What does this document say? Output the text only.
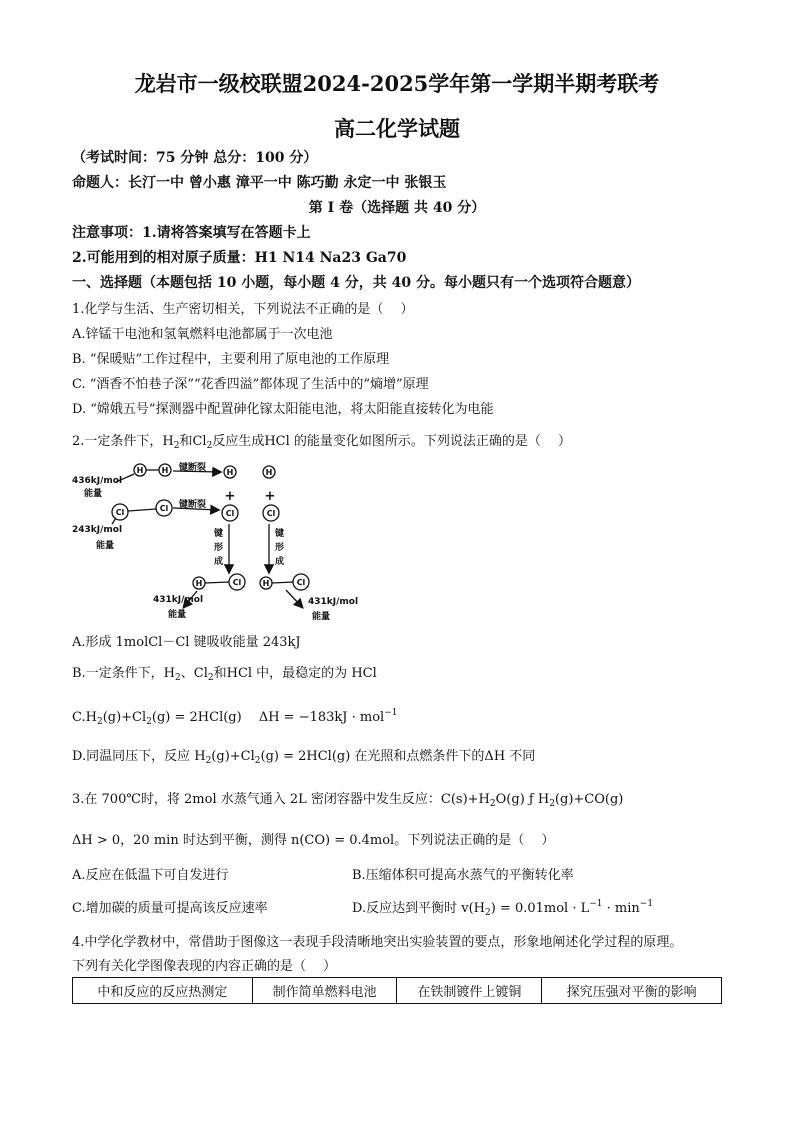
龙岩市一级校联盟2024-2025学年第一学期半期考联考
高二化学试题
（考试时间：75 分钟 总分：100 分）
命题人：长汀一中 曾小惠 漳平一中 陈巧勤 永定一中 张银玉
第 I 卷（选择题 共 40 分）
注意事项：1.请将答案填写在答题卡上
2.可能用到的相对原子质量：H1 N14 Na23 Ga70
一、选择题（本题包括 10 小题，每小题 4 分，共 40 分。每小题只有一个选项符合题意）
1.化学与生活、生产密切相关，下列说法不正确的是（　 ）
A.锌锰干电池和氢氧燃料电池都属于一次电池
B. “保暖贴”工作过程中，主要利用了原电池的工作原理
C. “酒香不怕巷子深”“花香四溢”都体现了生活中的“熵增”原理
D. “嫦娥五号”探测器中配置砷化镓太阳能电池，将太阳能直接转化为电能
2.一定条件下，$H_2$和$Cl_2$反应生成HCl 的能量变化如图所示。下列说法正确的是（　 ）
H H	H	H
Cl	Cl
Cl	Cl
H	Cl	H	Cl
+ +
436kJ/mol
能量
243kJ/mol
能量
键断裂
键断裂
键
形
成
键
形
成
431kJ/mol
能量
431kJ/mol
能量
A.形成 1molCl－Cl 键吸收能量 243kJ
B.一定条件下，$H_2$、$Cl_2$和HCl 中，最稳定的为 HCl
$C.H_2(g)+Cl_2(g) = 2HCl(g)$　 ΔH = −183kJ · mol$^{-1}$
D.同温同压下，反应 $H_2(g)+Cl_2(g) = 2HCl(g)$ 在光照和点燃条件下的ΔH 不同
3.在 700℃时，将 2mol 水蒸气通入 2L 密闭容器中发生反应：$C(s)+H_2O(g)$ ƒ $H_2(g)+CO(g)$
ΔH > 0，20 min 时达到平衡，测得 n(CO) = 0.4mol。下列说法正确的是（　 ）
A.反应在低温下可自发进行	B.压缩体积可提高水蒸气的平衡转化率
C.增加碳的质量可提高该反应速率	D.反应达到平衡时 $v(H_2) = 0.01mol \cdot L^{-1} \cdot \min^{-1}$
4.中学化学教材中，常借助于图像这一表现手段清晰地突出实验装置的要点，形象地阐述化学过程的原理。
下列有关化学图像表现的内容正确的是（　 ）
中和反应的反应热测定	制作简单燃料电池	在铁制镀件上镀铜	探究压强对平衡的影响
